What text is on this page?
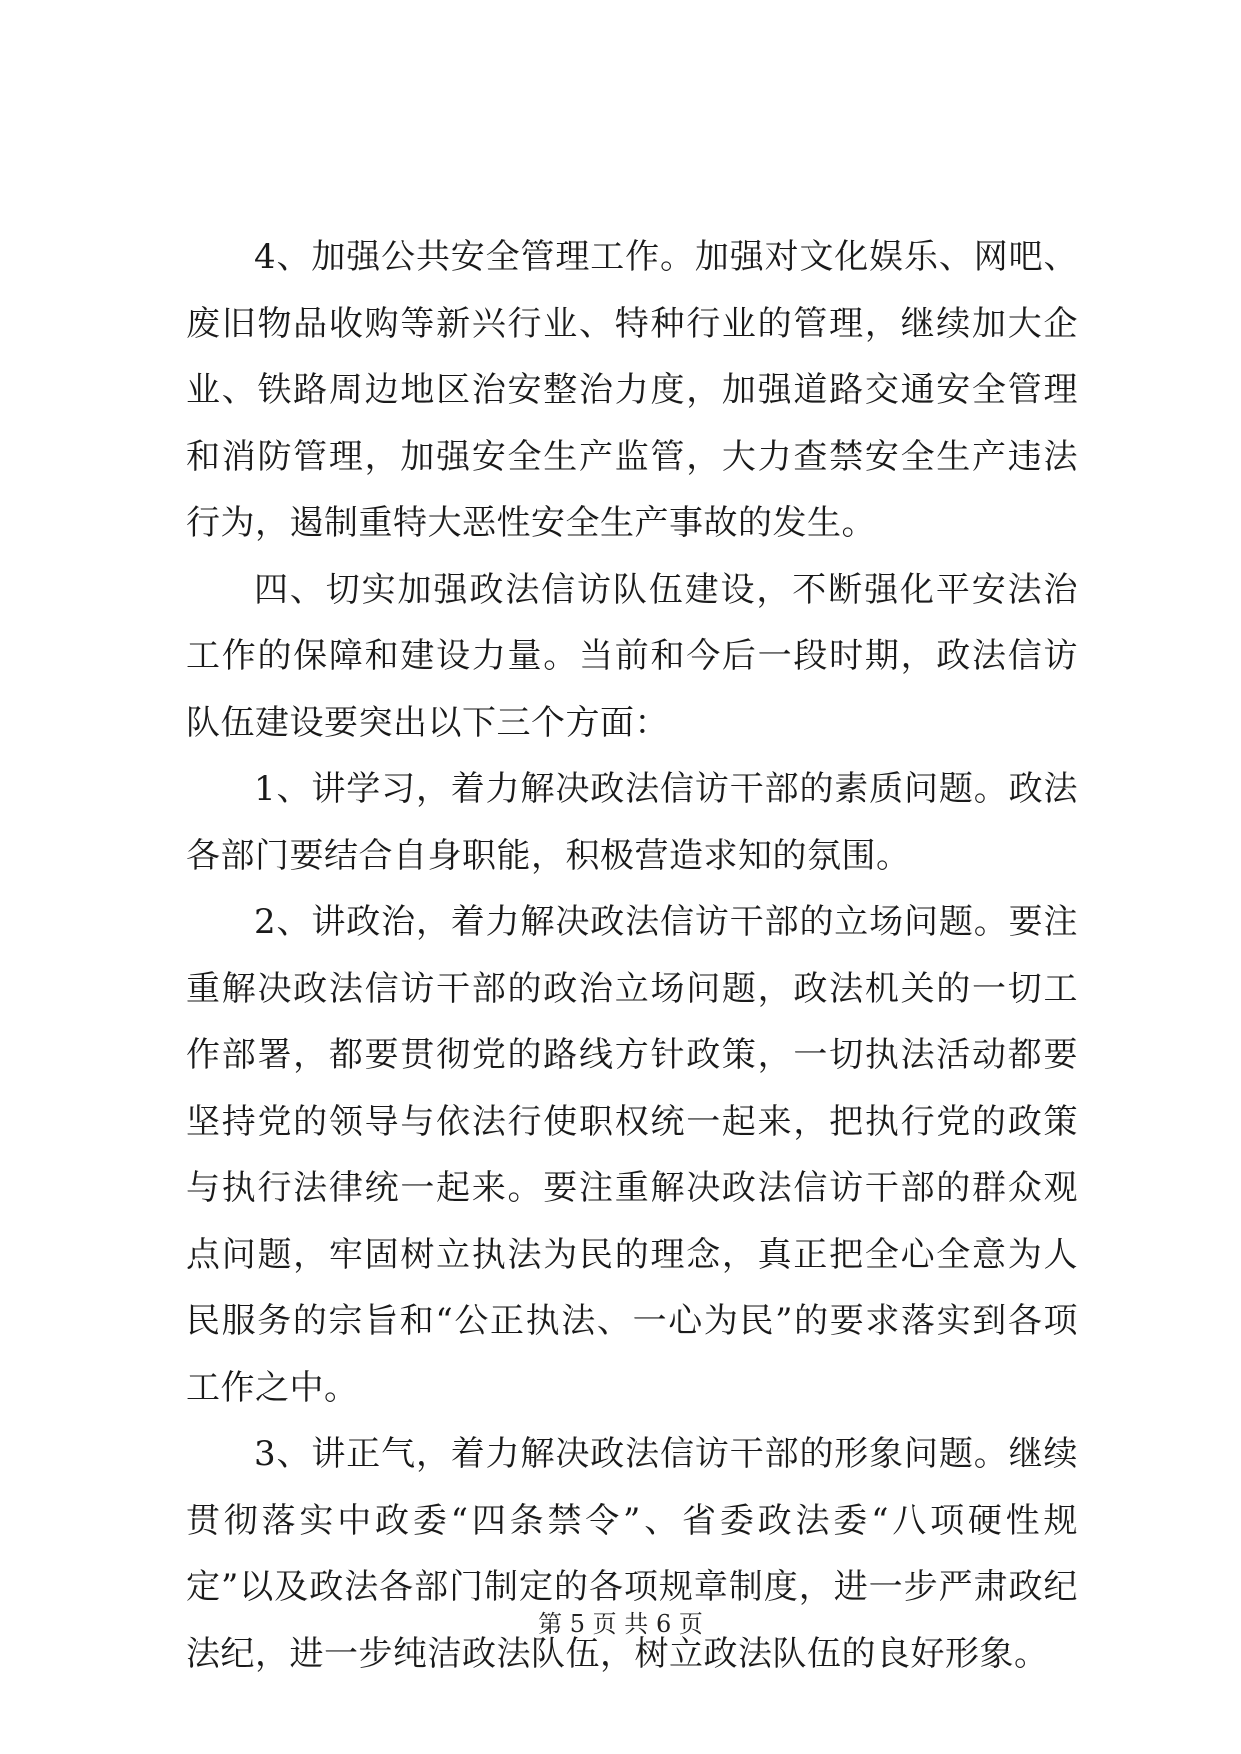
4、加强公共安全管理工作。加强对文化娱乐、网吧、废旧物品收购等新兴行业、特种行业的管理，继续加大企业、铁路周边地区治安整治力度，加强道路交通安全管理和消防管理，加强安全生产监管，大力查禁安全生产违法行为，遏制重特大恶性安全生产事故的发生。

四、切实加强政法信访队伍建设，不断强化平安法治工作的保障和建设力量。当前和今后一段时期，政法信访队伍建设要突出以下三个方面：

1、讲学习，着力解决政法信访干部的素质问题。政法各部门要结合自身职能，积极营造求知的氛围。

2、讲政治，着力解决政法信访干部的立场问题。要注重解决政法信访干部的政治立场问题，政法机关的一切工作部署，都要贯彻党的路线方针政策，一切执法活动都要坚持党的领导与依法行使职权统一起来，把执行党的政策与执行法律统一起来。要注重解决政法信访干部的群众观点问题，牢固树立执法为民的理念，真正把全心全意为人民服务的宗旨和“公正执法、一心为民”的要求落实到各项工作之中。

3、讲正气，着力解决政法信访干部的形象问题。继续贯彻落实中政委“四条禁令”、省委政法委“八项硬性规定”以及政法各部门制定的各项规章制度，进一步严肃政纪法纪，进一步纯洁政法队伍，树立政法队伍的良好形象。

第 5 页 共 6 页
